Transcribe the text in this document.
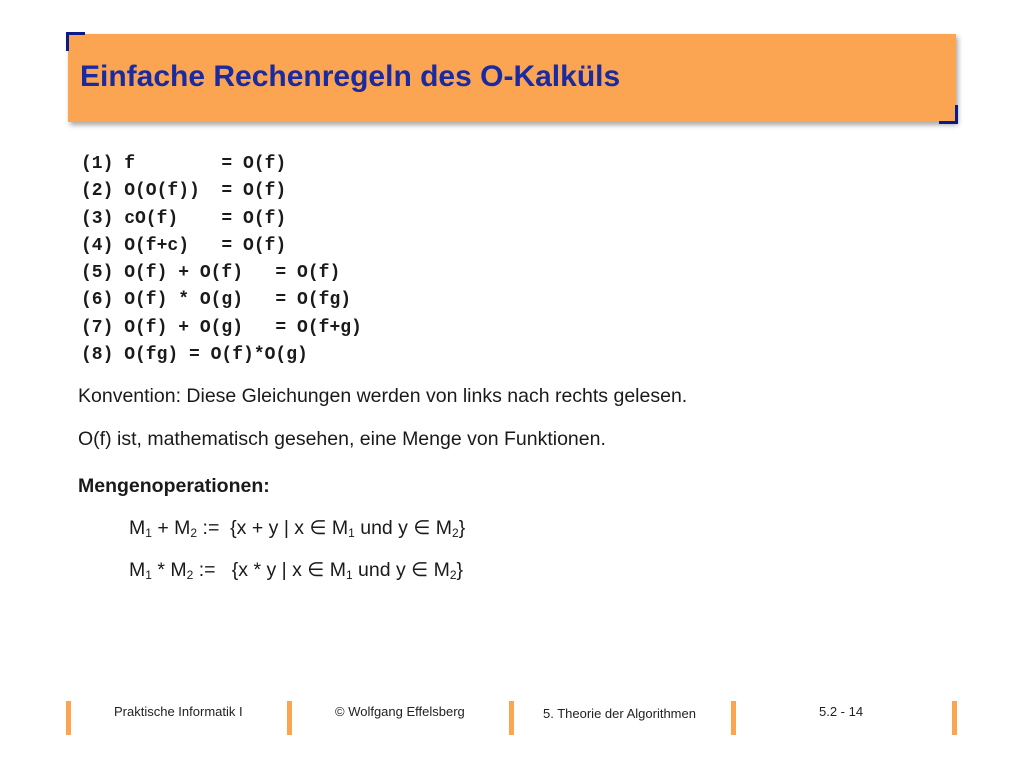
Einfache Rechenregeln des O-Kalküls
(1) f        = O(f)
(2) O(O(f))  = O(f)
(3) cO(f)    = O(f)
(4) O(f+c)   = O(f)
(5) O(f) + O(f)   = O(f)
(6) O(f) * O(g)   = O(fg)
(7) O(f) + O(g)   = O(f+g)
(8) O(fg) = O(f)*O(g)
Konvention: Diese Gleichungen werden von links nach rechts gelesen.
O(f) ist, mathematisch gesehen, eine Menge von Funktionen.
Mengenoperationen:
$M_1 + M_2$ :=  {x + y | x ∈ $M_1$ und y ∈ $M_2$}
$M_1 * M_2$ :=   {x * y | x ∈ $M_1$ und y ∈ $M_2$}
Praktische Informatik I	© Wolfgang Effelsberg	5. Theorie der Algorithmen	5.2 - 14
